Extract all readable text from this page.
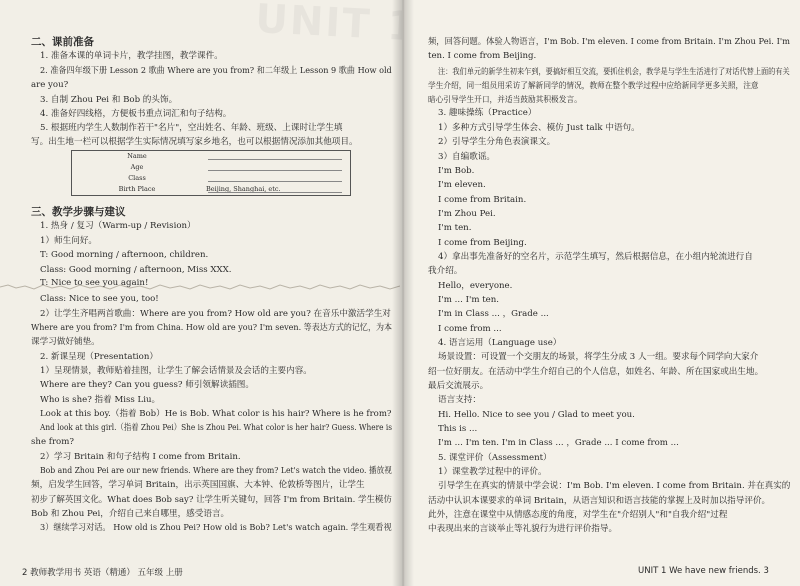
二、课前准备
1. 准备本课的单词卡片，教学挂图，教学课件。
2. 准备四年级下册 Lesson 2 歌曲 Where are you from? 和二年级上 Lesson 9 歌曲 How old
are you?
3. 自制 Zhou Pei 和 Bob 的头饰。
4. 准备好四线格，方便板书重点词汇和句子结构。
5. 根据班内学生人数制作若干"名片"，空出姓名、年龄、班级、上课时让学生填
写。出生地一栏可以根据学生实际情况填写家乡地名，也可以根据情况添加其他项目。
Name
Age
Class
Birth Place	Beijing, Shanghai, etc.
三、教学步骤与建议
1. 热身 / 复习（Warm-up / Revision）
1）师生问好。
T: Good morning / afternoon, children.
Class: Good morning / afternoon, Miss XXX.
T: Nice to see you again!
Class: Nice to see you, too!
2）让学生齐唱两首歌曲：Where are you from? How old are you? 在音乐中激活学生对
Where are you from? I'm from China. How old are you? I'm seven. 等表达方式的记忆，为本
课学习做好铺垫。
2. 新课呈现（Presentation）
1）呈现情景，教师贴着挂图，让学生了解会话情景及会话的主要内容。
Where are they? Can you guess? 师引领解读插图。
Who is she? 指着 Miss Liu。
Look at this boy.（指着 Bob）He is Bob. What color is his hair? Where is he from?
And look at this girl.（指着 Zhou Pei）She is Zhou Pei. What color is her hair? Guess. Where is
she from?
2）学习 Britain 和句子结构 I come from Britain.
Bob and Zhou Pei are our new friends. Where are they from? Let's watch the video. 播放视
频，启发学生回答，学习单词 Britain，出示英国国旗、大本钟、伦敦桥等图片，让学生
初步了解英国文化。What does Bob say? 让学生听关键句，回答 I'm from Britain. 学生模仿
Bob 和 Zhou Pei，介绍自己来自哪里，感受语言。
3）继续学习对话。 How old is Zhou Pei? How old is Bob? Let's watch again. 学生观看视
2 教师教学用书 英语（精通） 五年级 上册
频，回答问题。体验人物语言，I'm Bob. I'm eleven. I come from Britain. I'm Zhou Pei. I'm
ten. I come from Beijing.
注：我们单元的新学生初来乍到，要搞好相互交流，要抓住机会，教学是与学生生活进行了对话代替上面的有关
学生介绍，同一组员用采访了解新同学的情况，教师在整个教学过程中应给新同学更多关照，注意
暗心引导学生开口，并适当鼓励其积极发言。
3. 趣味操练（Practice）
1）多种方式引导学生体会、模仿 Just talk 中语句。
2）引导学生分角色表演课文。
3）自编歌谣。
I'm Bob.
I'm eleven.
I come from Britain.
I'm Zhou Pei.
I'm ten.
I come from Beijing.
4）拿出事先准备好的空名片，示范学生填写，然后根据信息，在小组内轮流进行自
我介绍。
Hello，everyone.
I'm ... I'm ten.
I'm in Class ... ，Grade ...
I come from ...
4. 语言运用（Language use）
场景设置：可设置一个交朋友的场景，将学生分成 3 人一组。要求每个同学向大家介
绍一位好朋友。在活动中学生介绍自己的个人信息，如姓名、年龄、所在国家或出生地。
最后交流展示。
语言支持：
Hi. Hello. Nice to see you / Glad to meet you.
This is ...
I'm ... I'm ten. I'm in Class ... ，Grade ... I come from ...
5. 课堂评价（Assessment）
1）课堂教学过程中的评价。
引导学生在真实的情景中学会说：I'm Bob. I'm eleven. I come from Britain. 并在真实的
活动中认识本课要求的单词 Britain，从语言知识和语言技能的掌握上及时加以指导评价。
此外，注意在课堂中从情感态度的角度，对学生在"介绍别人"和"自我介绍"过程
中表现出来的言谈举止等礼貌行为进行评价指导。
UNIT 1 We have new friends. 3
